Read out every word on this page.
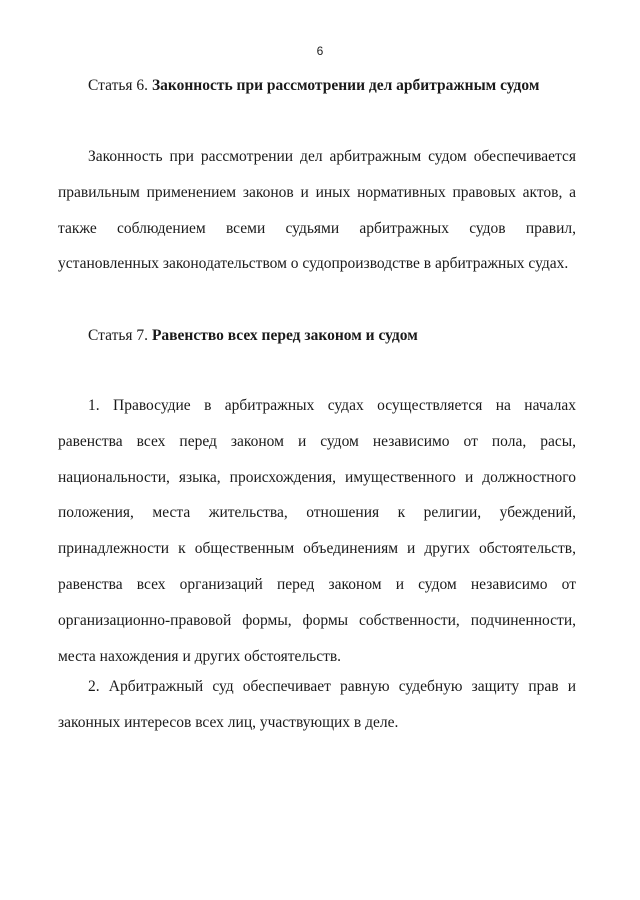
6
Статья 6. Законность при рассмотрении дел арбитражным судом

Законность при рассмотрении дел арбитражным судом обеспечивается правильным применением законов и иных нормативных правовых актов, а также соблюдением всеми судьями арбитражных судов правил, установленных законодательством о судопроизводстве в арбитражных судах.

Статья 7. Равенство всех перед законом и судом

1. Правосудие в арбитражных судах осуществляется на началах равенства всех перед законом и судом независимо от пола, расы, национальности, языка, происхождения, имущественного и должностного положения, места жительства, отношения к религии, убеждений, принадлежности к общественным объединениям и других обстоятельств, равенства всех организаций перед законом и судом независимо от организационно-правовой формы, формы собственности, подчиненности, места нахождения и других обстоятельств.

2. Арбитражный суд обеспечивает равную судебную защиту прав и законных интересов всех лиц, участвующих в деле.
